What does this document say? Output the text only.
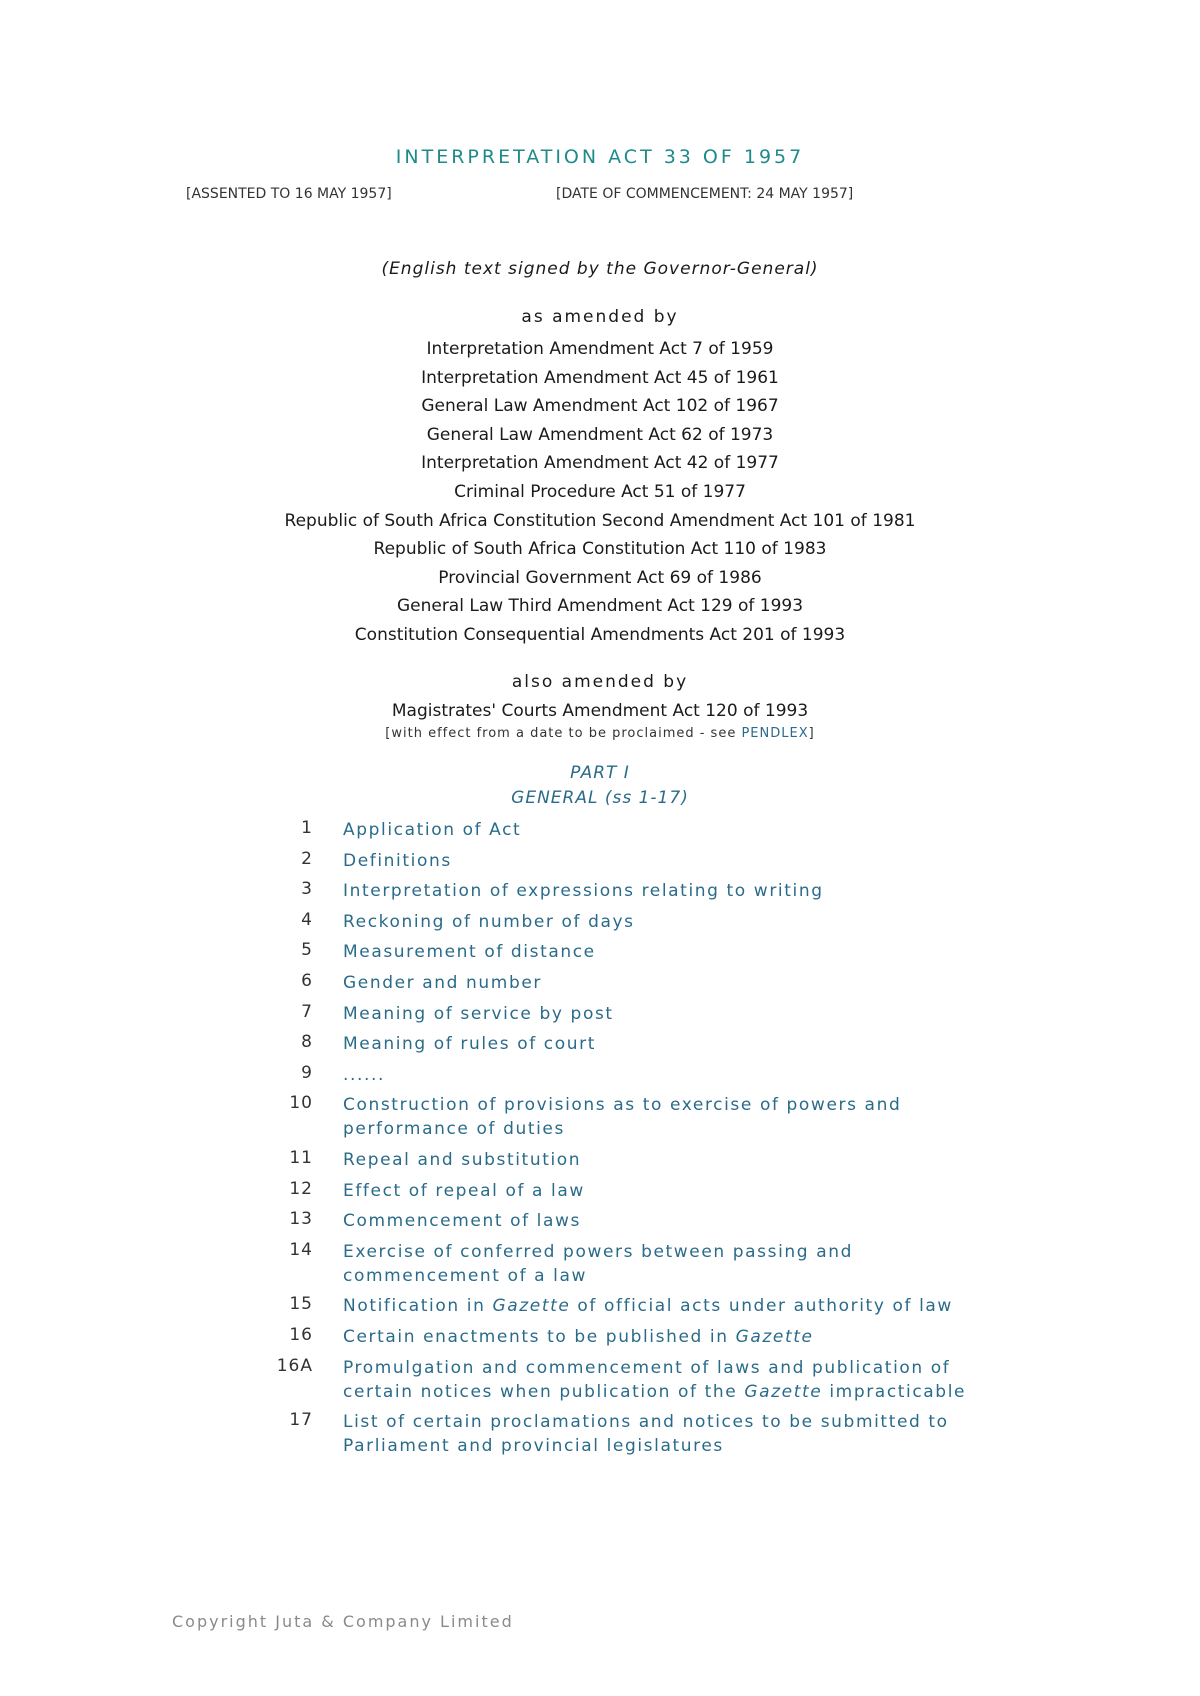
INTERPRETATION ACT 33 OF 1957
[ASSENTED TO 16 MAY 1957]	[DATE OF COMMENCEMENT: 24 MAY 1957]
(English text signed by the Governor-General)
as amended by
Interpretation Amendment Act 7 of 1959
Interpretation Amendment Act 45 of 1961
General Law Amendment Act 102 of 1967
General Law Amendment Act 62 of 1973
Interpretation Amendment Act 42 of 1977
Criminal Procedure Act 51 of 1977
Republic of South Africa Constitution Second Amendment Act 101 of 1981
Republic of South Africa Constitution Act 110 of 1983
Provincial Government Act 69 of 1986
General Law Third Amendment Act 129 of 1993
Constitution Consequential Amendments Act 201 of 1993
also amended by
Magistrates' Courts Amendment Act 120 of 1993
[with effect from a date to be proclaimed - see PENDLEX]
PART I
GENERAL (ss 1-17)
1 Application of Act
2 Definitions
3 Interpretation of expressions relating to writing
4 Reckoning of number of days
5 Measurement of distance
6 Gender and number
7 Meaning of service by post
8 Meaning of rules of court
9 ......
10 Construction of provisions as to exercise of powers and
performance of duties
11 Repeal and substitution
12 Effect of repeal of a law
13 Commencement of laws
14 Exercise of conferred powers between passing and
commencement of a law
15 Notification in Gazette of official acts under authority of law
16 Certain enactments to be published in Gazette
16A Promulgation and commencement of laws and publication of
certain notices when publication of the Gazette impracticable
17 List of certain proclamations and notices to be submitted to
Parliament and provincial legislatures
Copyright Juta & Company Limited
